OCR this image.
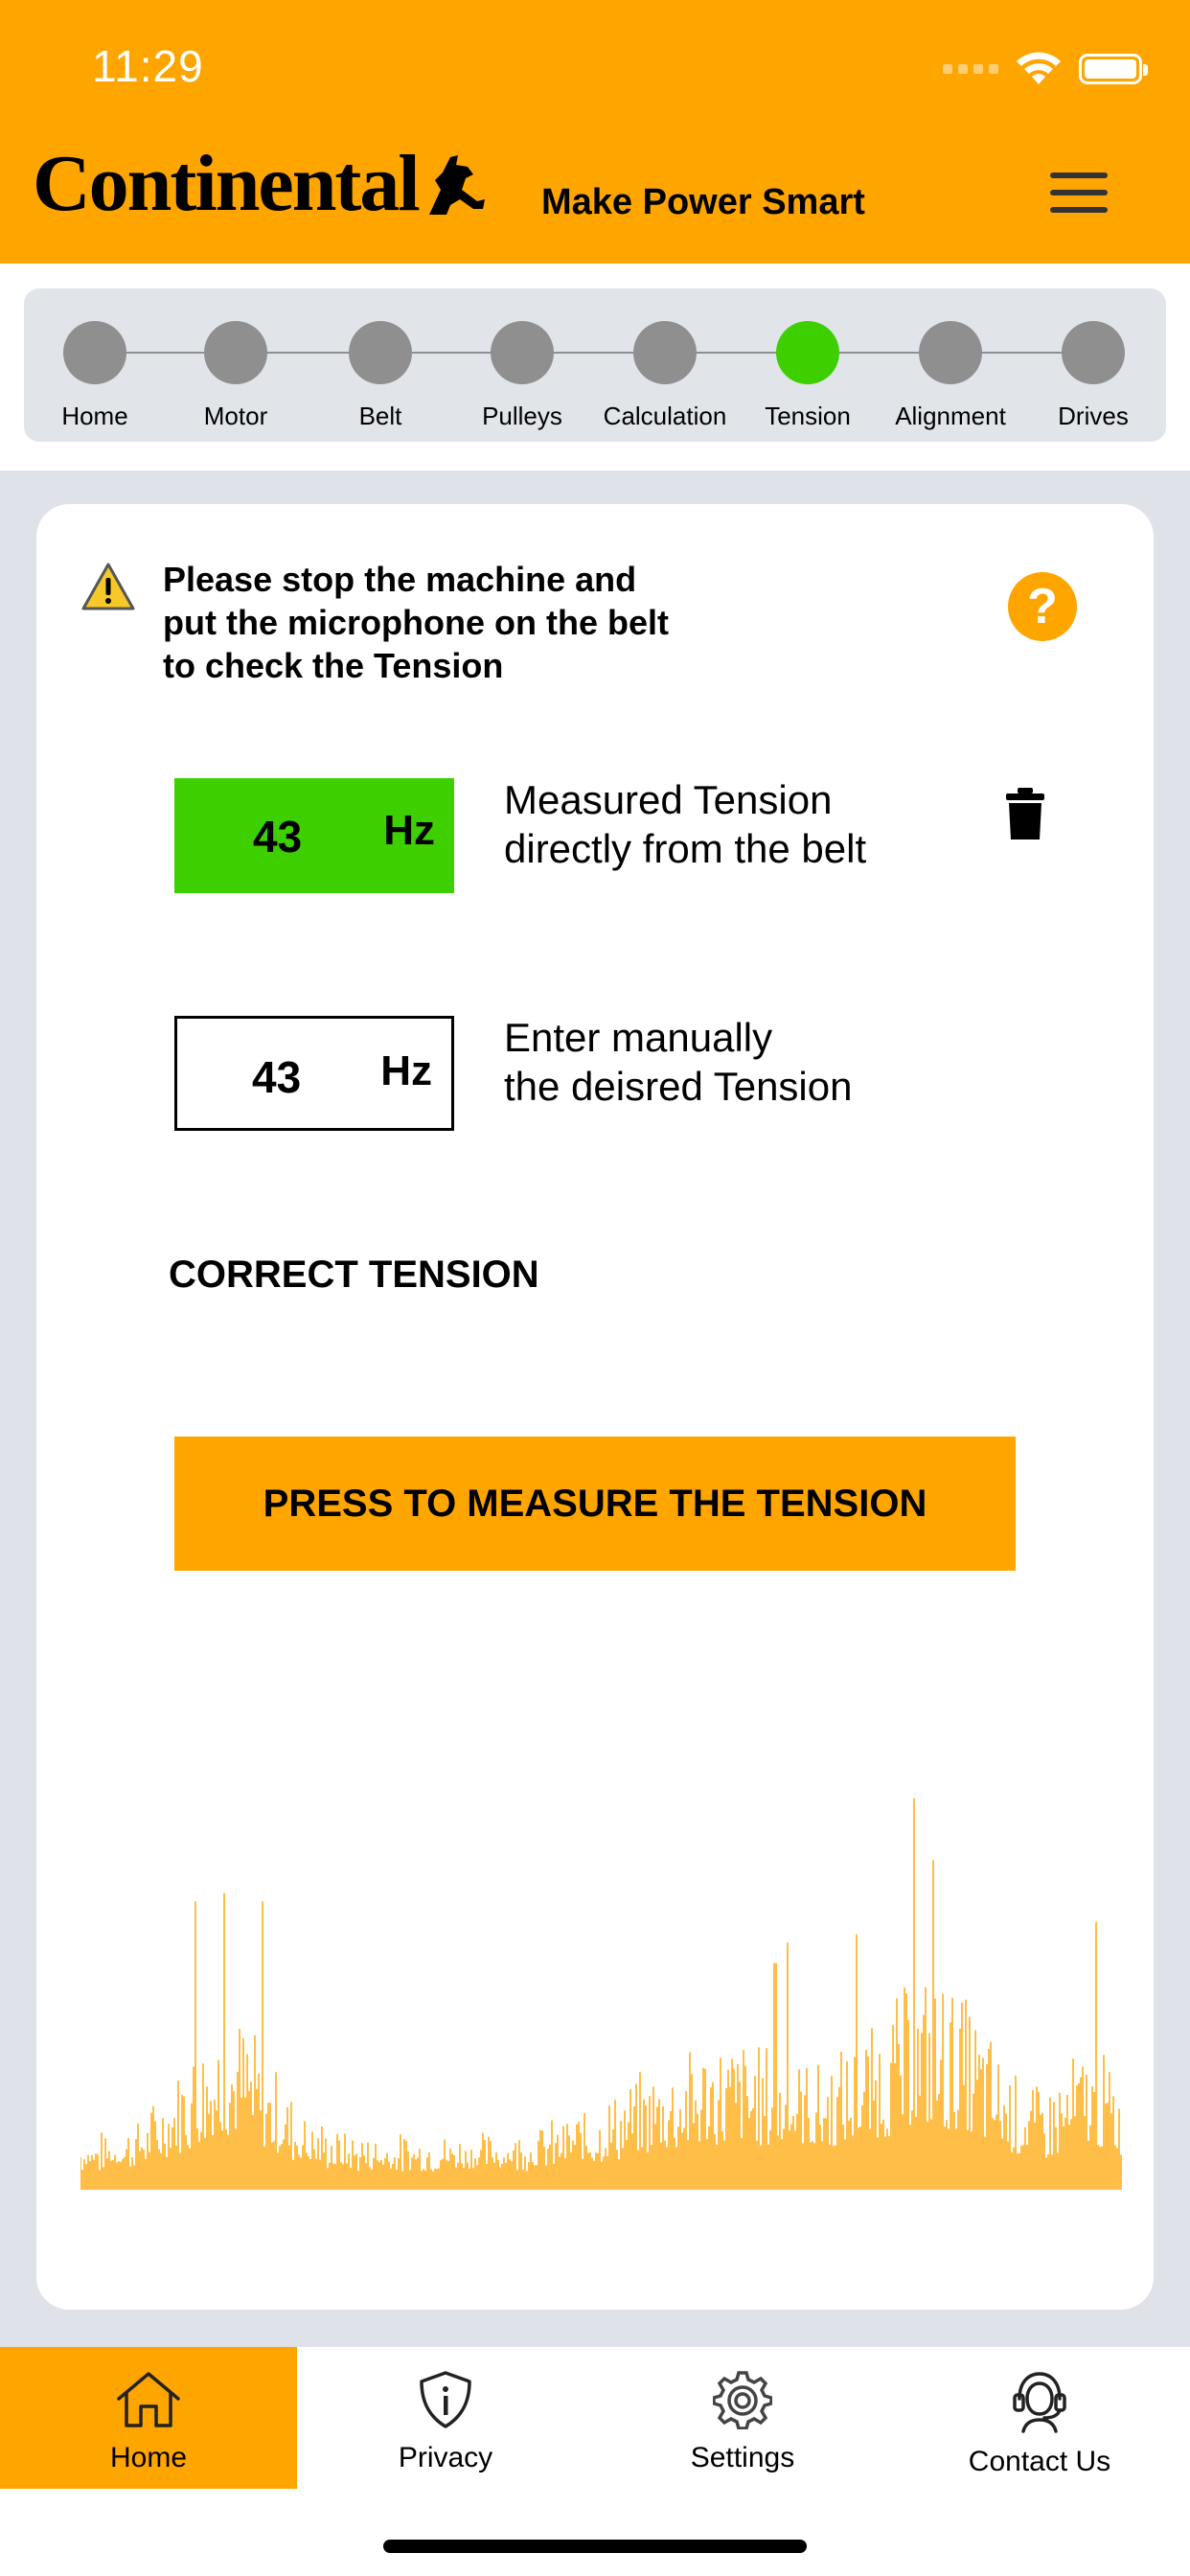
11:29
Continental	Make Power Smart
Home	Motor	Belt	Pulleys	Calculation	Tension	Alignment	Drives
Please stop the machine and
put the microphone on the belt
to check the Tension
?
43 Hz
Measured Tension
directly from the belt
43 Hz
Enter manually
the deisred Tension
CORRECT TENSION
PRESS TO MEASURE THE TENSION
Home	Privacy	Settings	Contact Us
